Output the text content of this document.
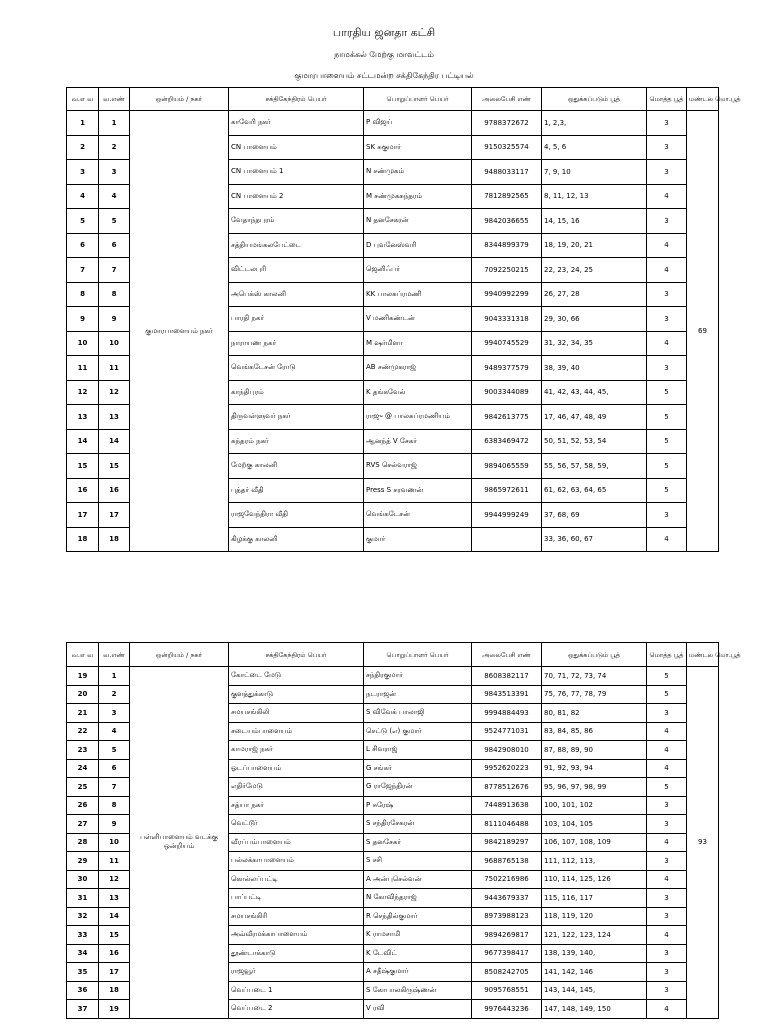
பாரதிய ஜனதா கட்சி
நாமக்கல் மேற்கு மாவட்டம்
குமாரபாளையம் சட்டமன்ற சக்திகேந்திர பட்டியல்
வ.எ வ	வ.எண்	ஒன்றியம் / நகர்	சக்திகேந்திரம் பெயர்	பொறுப்பாளர் பெயர்	அலைபேசி எண்	ஒதுக்கப்படும் பூத்	மொத்த பூத்	மண்டல மொ.பூத்
1	1	குமாரபாளையம் நகர்	காவேரி நகர்	P விஜய்	9788372672	1, 2,3,	3	69
2	2		CN பாளையம்	SK சுகுமார்	9150325574	4, 5, 6	3	
3	3		CN பாளையம் 1	N சண்முகம்	9488033117	7, 9, 10	3	
4	4		CN பாளையம் 2	M சண்முகசுந்தரம்	7812892565	8, 11, 12, 13	4	
5	5		வேதாந்தபுரம்	N தனசேகரன்	9842036655	14, 15, 16	3	
6	6		சத்தியமங்கலபேட்டை	D புவனேஸ்வரி	8344899379	18, 19, 20, 21	4	
7	7		விட்டலபுரி	ஜெனிஃபர்	7092250215	22, 23, 24, 25	4	
8	8		அபெக்ஸ் காலனி	KK பாலசுப்ரமணி	9940992299	26, 27, 28	3	
9	9		பாரதி நகர்	V மணிகண்டன்	9043331318	29, 30, 66	3	
10	10		நாராயண நகர்	M ஷர்மிளா	9940745529	31, 32, 34, 35	4	
11	11		வெங்கடேசன் ரோடு	AB சண்முகராஜ்	9489377579	38, 39, 40	3	
12	12		காந்திபுரம்	K தங்கவேல்	9003344089	41, 42, 43, 44, 45,	5	
13	13		திருவள்ளுவர் நகர்	ராஜு @ பாலசுப்ரமணியம்	9842613775	17, 46, 47, 48, 49	5	
14	14		சுந்தரம் நகர்	ஆனந்த் V சேகர்	6383469472	50, 51, 52, 53, 54	5	
15	15		மேற்கு காலனி	RVS செல்வராஜ்	9894065559	55, 56, 57, 58, 59,	5	
16	16		புத்தர் வீதி	Press S சரவணன்	9865972611	61, 62, 63, 64, 65	5	
17	17		ராஜவேந்திரா வீதி	வெங்கடேசன்	9944999249	37, 68, 69	3	
18	18		கிழக்கு காலனி	குமார்		33, 36, 60, 67	4	
வ.எ வ	வ.எண்	ஒன்றியம் / நகர்	சக்திகேந்திரம் பெயர்	பொறுப்பாளர் பெயர்	அலைபேசி எண்	ஒதுக்கப்படும் பூத்	மொத்த பூத்	மண்டல மொ.பூத்
19	1	பள்ளிபாளையம் வடக்கு ஒன்றியம்	கோட்டை மேடு	சந்திரகுமார்	8608382117	70, 71, 72, 73, 74	5	93
20	2		குளத்துக்காடு	நடராஜன்	9843513391	75, 76, 77, 78, 79	5	
21	3		சமயசங்கிலி	S விவேக் பாலாஜி	9994884493	80, 81, 82	3	
22	4		சடையம்பாளையம்	செட்டு (எ) குமார்	9524771031	83, 84, 85, 86	4	
23	5		காமராஜ் நகர்	L சிவராஜ்	9842908010	87, 88, 89, 90	4	
24	6		ஓடப்பாளையம்	G சங்கர்	9952620223	91, 92, 93, 94	4	
25	7		எதிர்மேடு	G ராஜேந்திரன்	8778512676	95, 96, 97, 98, 99	5	
26	8		சத்யா நகர்	P சுரேஷ்	7448913638	100, 101, 102	3	
27	9		வெட்டூர்	S சந்திரசேகரன்	8111046488	103, 104, 105	3	
28	10		வீரப்பம்பாளையம்	S தனசேகர்	9842189297	106, 107, 108, 109	4	
29	11		பல்லக்காபாளையம்	S சசி	9688765138	111, 112, 113,	3	
30	12		கொல்லப்பட்டி	A அன்புசெல்வன்	7502216986	110, 114, 125, 126	4	
31	13		பாப்பட்டி	N கோவிந்தராஜ்	9443679337	115, 116, 117	3	
32	14		சமயசங்கிரி	R செந்தில்குமார்	8973988123	118, 119, 120	3	
33	15		அவ்வீரமக்காபாளையம்	K ராமசாமி	9894269817	121, 122, 123, 124	4	
34	16		தூண்டாக்காடு	K டேவிட்	9677398417	138, 139, 140,	3	
35	17		ராஜவூர்	A சதீஷ்குமார்	8508242705	141, 142, 146	3	
36	18		வெப்படை 1	S கோபாலகிருஷ்ணன்	9095768551	143, 144, 145,	3	
37	19		வெப்படை 2	V ரவி	9976443236	147, 148, 149, 150	4	
